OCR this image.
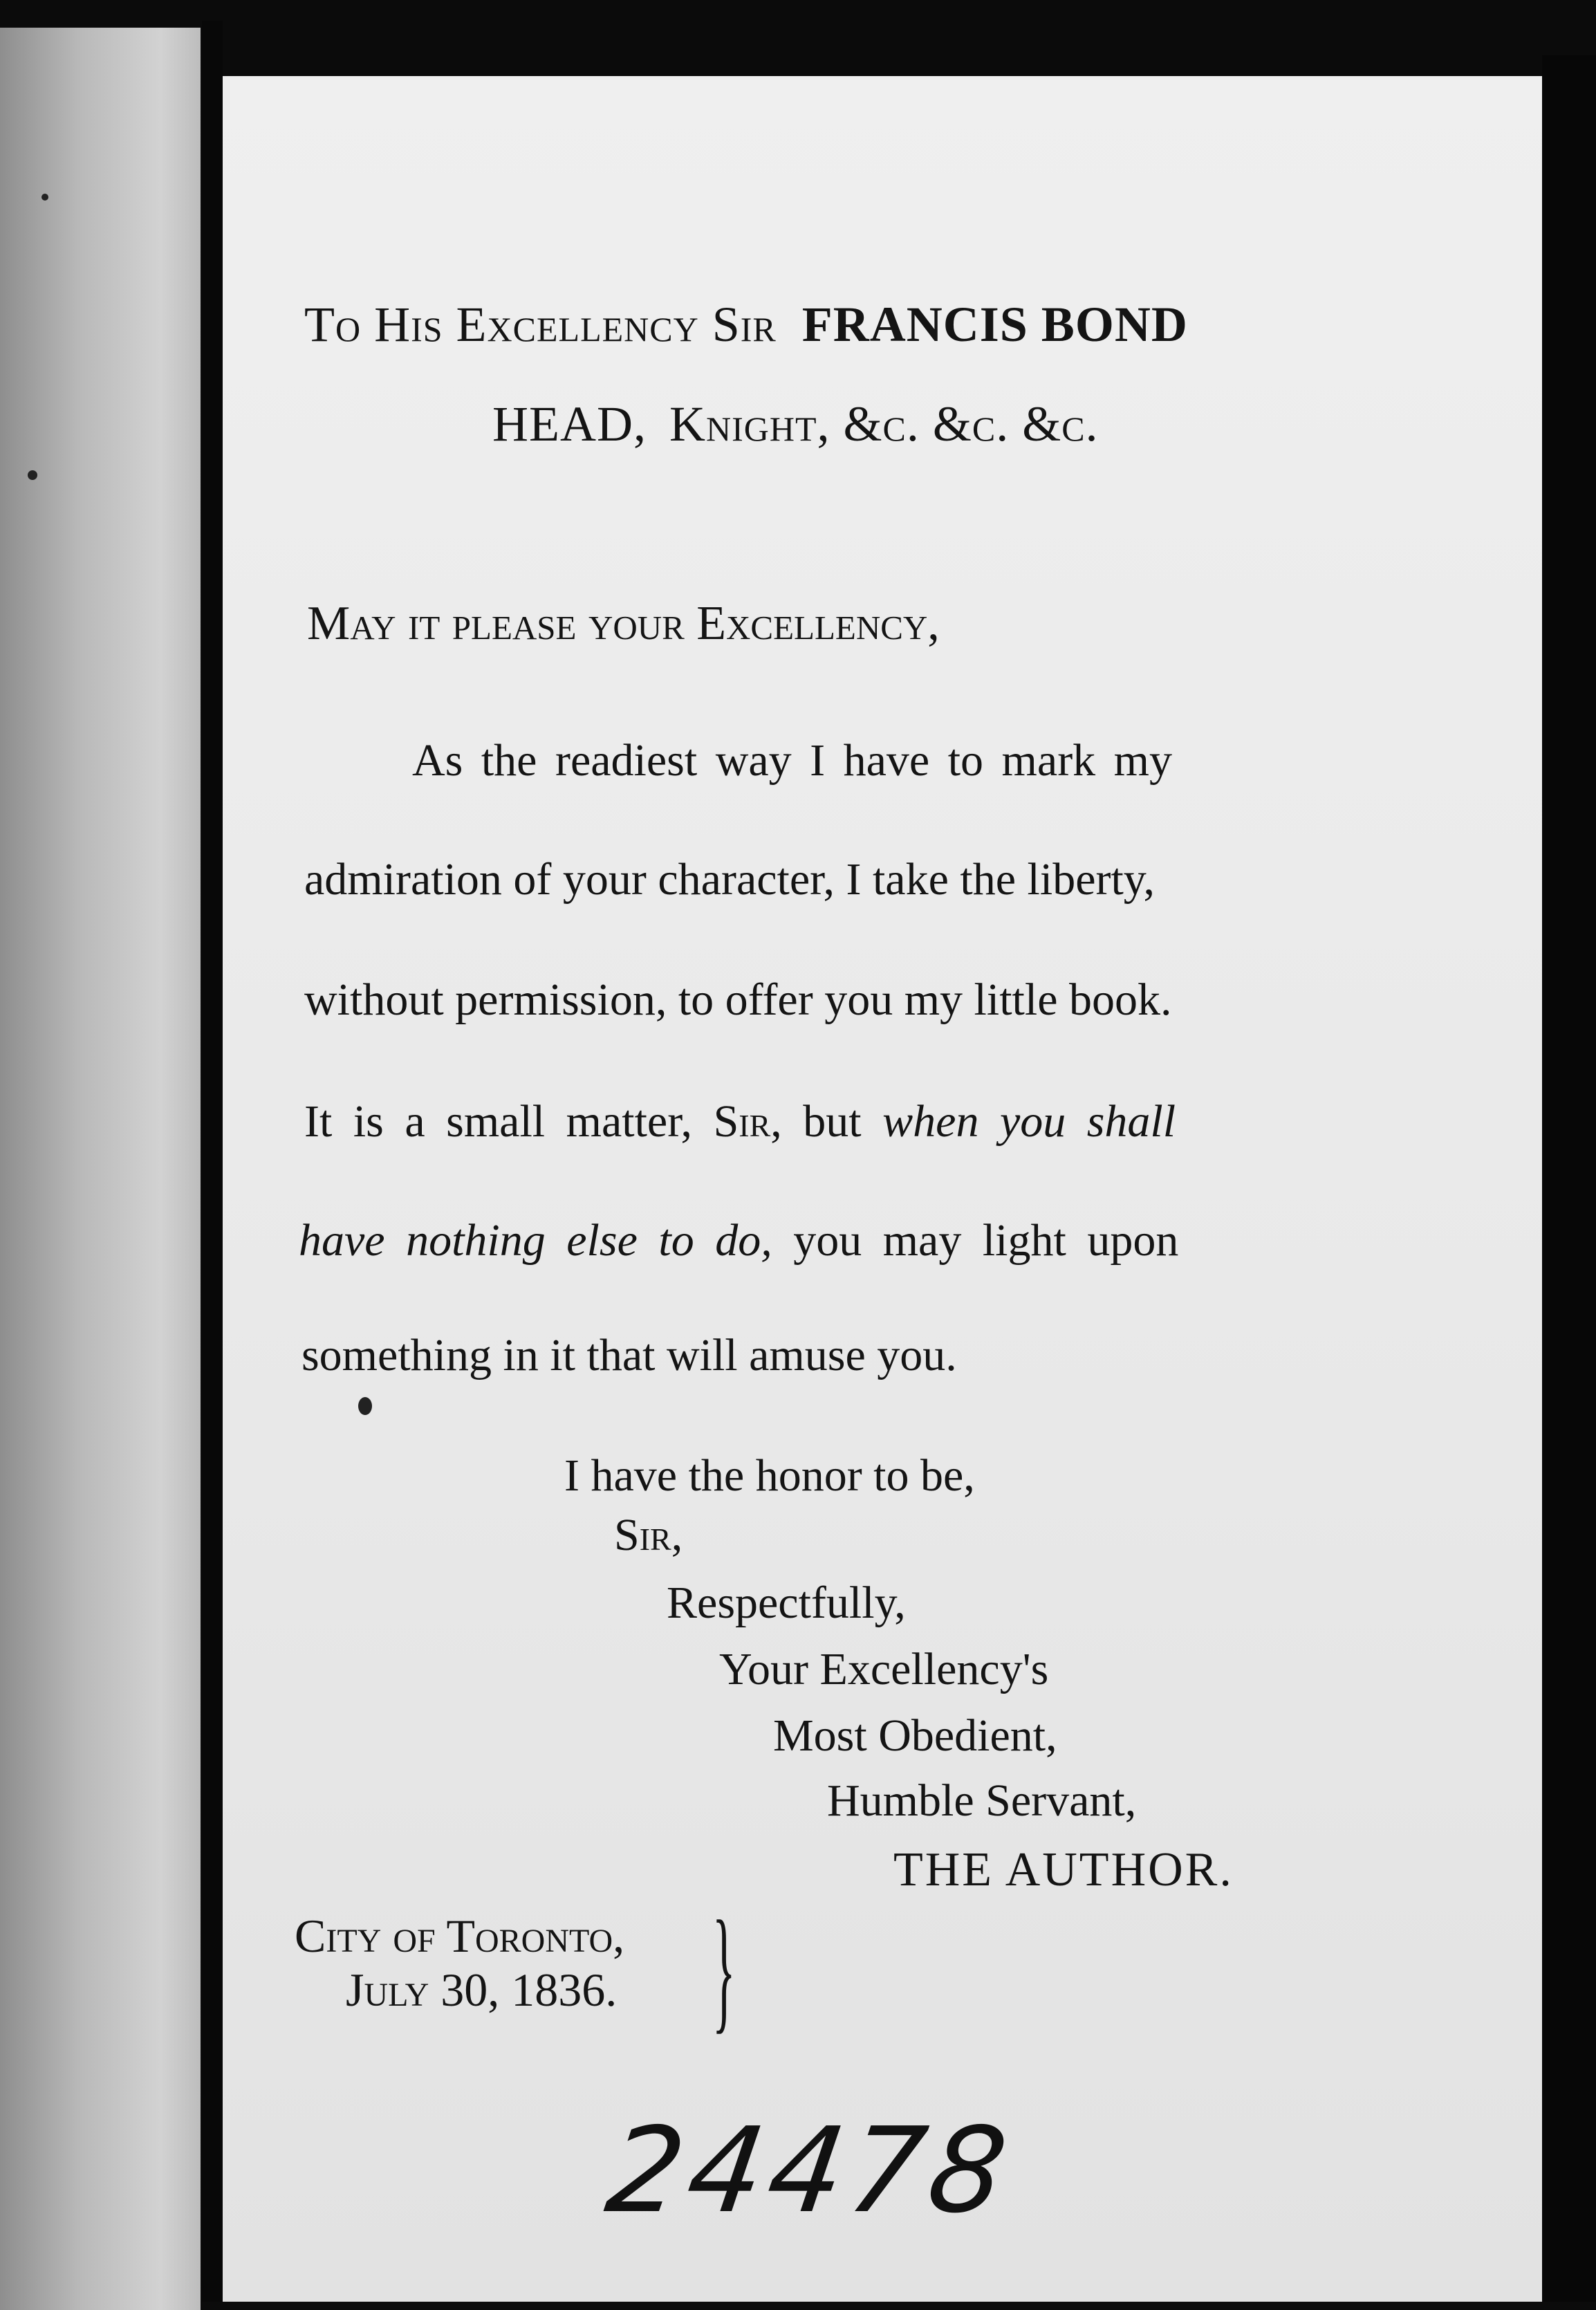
To His Excellency Sir FRANCIS BOND
HEAD, Knight, &c. &c. &c.
May it please your Excellency,
As the readiest way I have to mark my
admiration of your character, I take the liberty,
without permission, to offer you my little book.
It is a small matter, Sir, but when you shall
have nothing else to do, you may light upon
something in it that will amuse you.
I have the honor to be,
Sir,
Respectfully,
Your Excellency's
Most Obedient,
Humble Servant,
THE AUTHOR.
City of Toronto,
July 30, 1836. }
24478
